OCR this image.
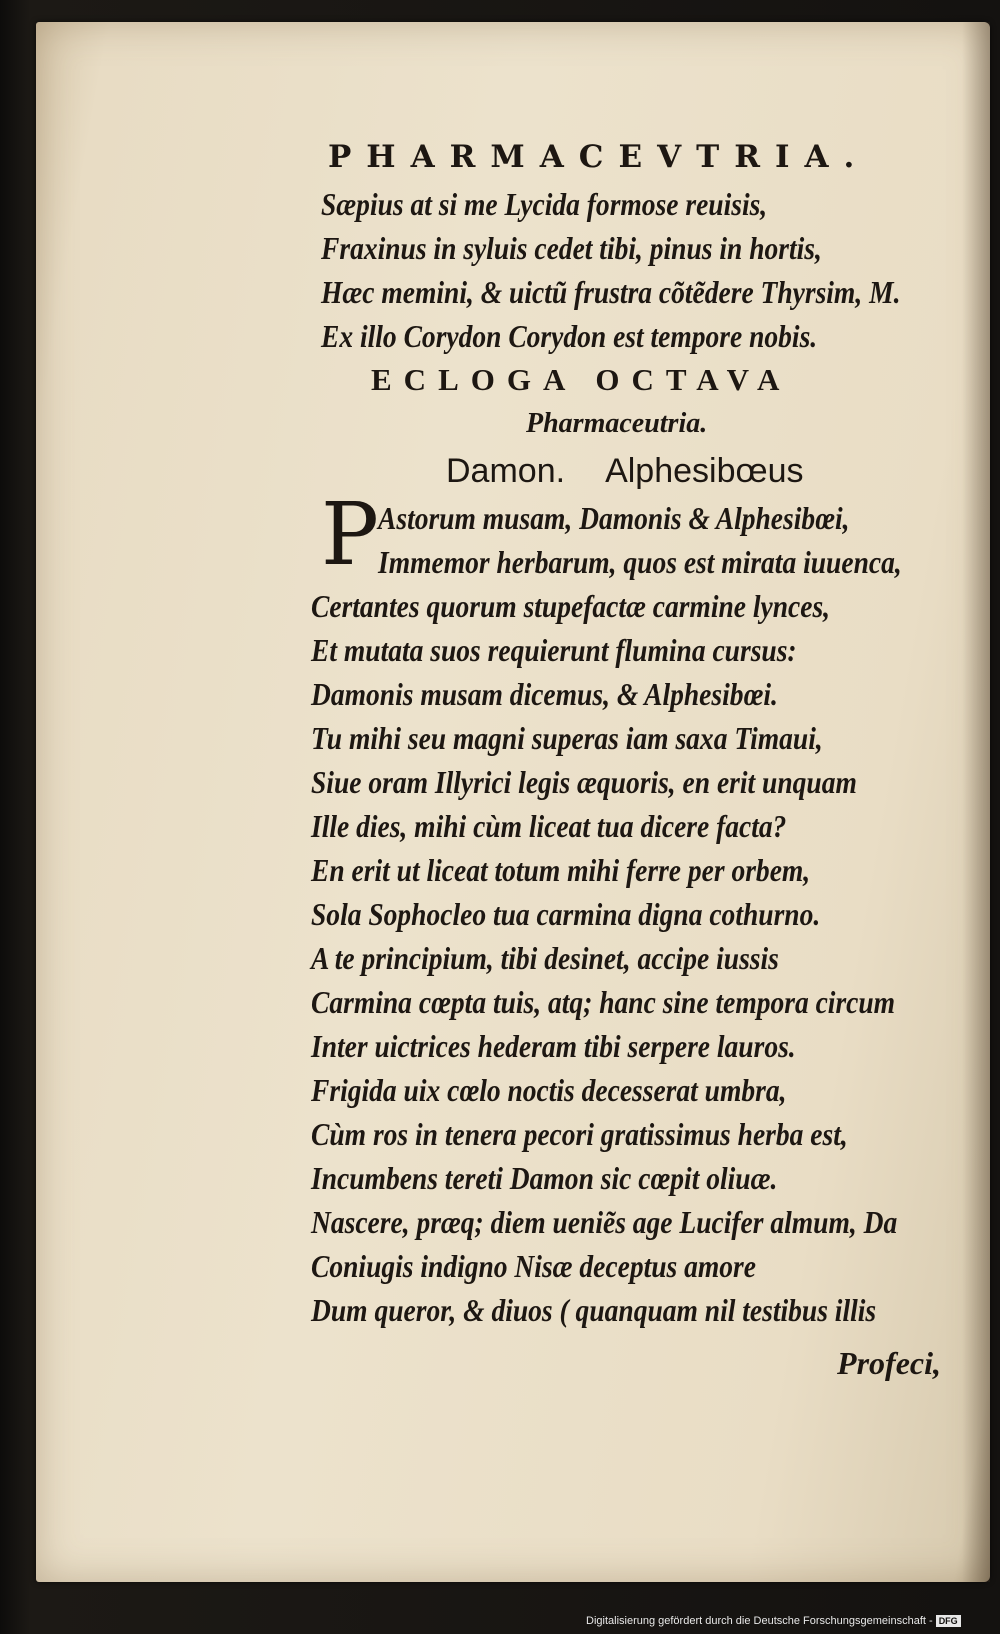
PHARMACEVTRIA.
Sæpius at si me Lycida formose reuisis,
Fraxinus in syluis cedet tibi, pinus in hortis,
Hæc memini, & uictũ frustra cõtẽdere Thyrsim, M.
Ex illo Corydon Corydon est tempore nobis.
ECLOGA OCTAVA
Pharmaceutria.
Damon. Alphesibœus
P Astorum musam, Damonis & Alphesibœi,
Immemor herbarum, quos est mirata iuuenca,
Certantes quorum stupefactæ carmine lynces,
Et mutata suos requierunt flumina cursus:
Damonis musam dicemus, & Alphesibœi.
Tu mihi seu magni superas iam saxa Timaui,
Siue oram Illyrici legis æquoris, en erit unquam
Ille dies, mihi cùm liceat tua dicere facta?
En erit ut liceat totum mihi ferre per orbem,
Sola Sophocleo tua carmina digna cothurno.
A te principium, tibi desinet, accipe iussis
Carmina cœpta tuis, atq; hanc sine tempora circum
Inter uictrices hederam tibi serpere lauros.
Frigida uix cœlo noctis decesserat umbra,
Cùm ros in tenera pecori gratissimus herba est,
Incumbens tereti Damon sic cœpit oliuæ.
Nascere, præq; diem ueniẽs age Lucifer almum, Da
Coniugis indigno Nisæ deceptus amore
Dum queror, & diuos ( quanquam nil testibus illis
Profeci,
Digitalisierung gefördert durch die Deutsche Forschungsgemeinschaft - DFG
